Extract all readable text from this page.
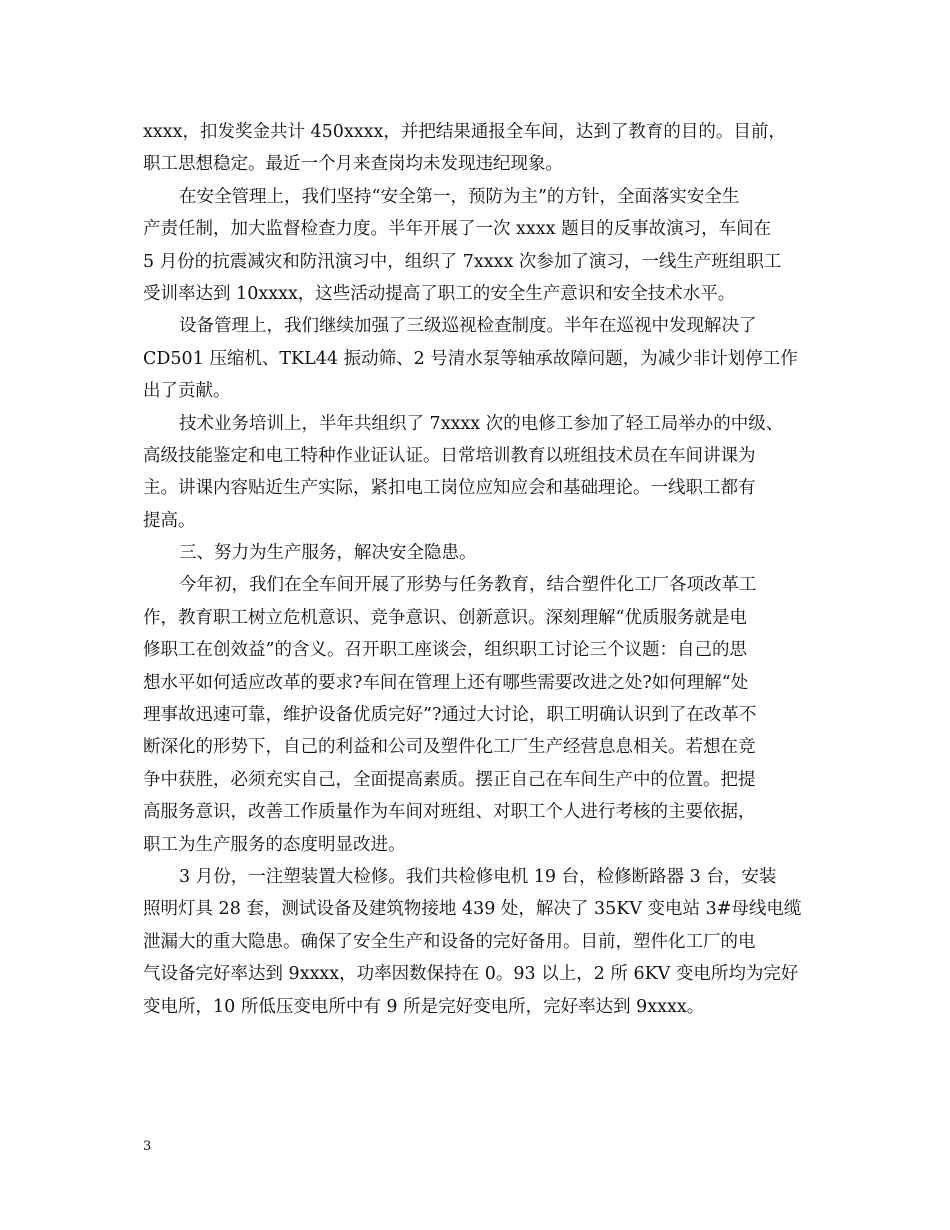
xxxx，扣发奖金共计 450xxxx，并把结果通报全车间，达到了教育的目的。目前，
职工思想稳定。最近一个月来查岗均未发现违纪现象。
在安全管理上，我们坚持“安全第一，预防为主”的方针，全面落实安全生
产责任制，加大监督检查力度。半年开展了一次 xxxx 题目的反事故演习，车间在
5 月份的抗震减灾和防汛演习中，组织了 7xxxx 次参加了演习，一线生产班组职工
受训率达到 10xxxx，这些活动提高了职工的安全生产意识和安全技术水平。
设备管理上，我们继续加强了三级巡视检查制度。半年在巡视中发现解决了
CD501 压缩机、TKL44 振动筛、2 号清水泵等轴承故障问题，为减少非计划停工作
出了贡献。
技术业务培训上，半年共组织了 7xxxx 次的电修工参加了轻工局举办的中级、
高级技能鉴定和电工特种作业证认证。日常培训教育以班组技术员在车间讲课为
主。讲课内容贴近生产实际，紧扣电工岗位应知应会和基础理论。一线职工都有
提高。
三、努力为生产服务，解决安全隐患。
今年初，我们在全车间开展了形势与任务教育，结合塑件化工厂各项改革工
作，教育职工树立危机意识、竞争意识、创新意识。深刻理解“优质服务就是电
修职工在创效益”的含义。召开职工座谈会，组织职工讨论三个议题：自己的思
想水平如何适应改革的要求?车间在管理上还有哪些需要改进之处?如何理解“处
理事故迅速可靠，维护设备优质完好”?通过大讨论，职工明确认识到了在改革不
断深化的形势下，自己的利益和公司及塑件化工厂生产经营息息相关。若想在竞
争中获胜，必须充实自己，全面提高素质。摆正自己在车间生产中的位置。把提
高服务意识，改善工作质量作为车间对班组、对职工个人进行考核的主要依据，
职工为生产服务的态度明显改进。
3 月份，一注塑装置大检修。我们共检修电机 19 台，检修断路器 3 台，安装
照明灯具 28 套，测试设备及建筑物接地 439 处，解决了 35KV 变电站 3#母线电缆
泄漏大的重大隐患。确保了安全生产和设备的完好备用。目前，塑件化工厂的电
气设备完好率达到 9xxxx，功率因数保持在 0。93 以上，2 所 6KV 变电所均为完好
变电所，10 所低压变电所中有 9 所是完好变电所，完好率达到 9xxxx。
3
